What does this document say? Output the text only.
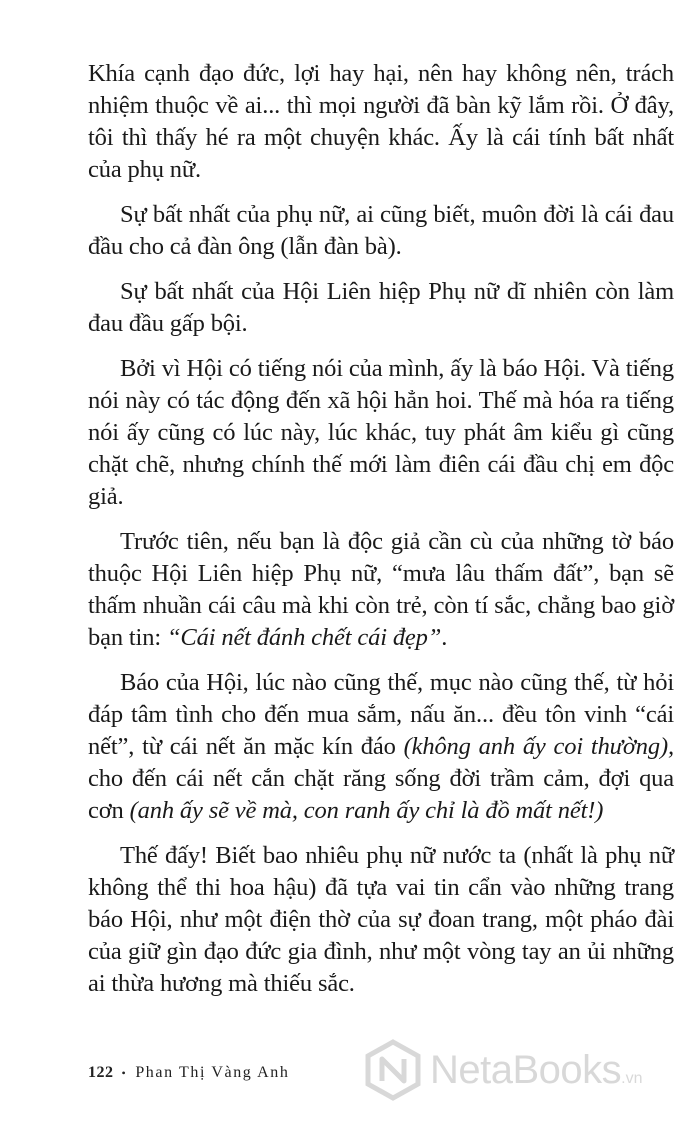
Khía cạnh đạo đức, lợi hay hại, nên hay không nên, trách nhiệm thuộc về ai... thì mọi người đã bàn kỹ lắm rồi. Ở đây, tôi thì thấy hé ra một chuyện khác. Ấy là cái tính bất nhất của phụ nữ.

Sự bất nhất của phụ nữ, ai cũng biết, muôn đời là cái đau đầu cho cả đàn ông (lẫn đàn bà).

Sự bất nhất của Hội Liên hiệp Phụ nữ dĩ nhiên còn làm đau đầu gấp bội.

Bởi vì Hội có tiếng nói của mình, ấy là báo Hội. Và tiếng nói này có tác động đến xã hội hẳn hoi. Thế mà hóa ra tiếng nói ấy cũng có lúc này, lúc khác, tuy phát âm kiểu gì cũng chặt chẽ, nhưng chính thế mới làm điên cái đầu chị em độc giả.

Trước tiên, nếu bạn là độc giả cần cù của những tờ báo thuộc Hội Liên hiệp Phụ nữ, “mưa lâu thấm đất”, bạn sẽ thấm nhuần cái câu mà khi còn trẻ, còn tí sắc, chẳng bao giờ bạn tin: “Cái nết đánh chết cái đẹp”.

Báo của Hội, lúc nào cũng thế, mục nào cũng thế, từ hỏi đáp tâm tình cho đến mua sắm, nấu ăn... đều tôn vinh “cái nết”, từ cái nết ăn mặc kín đáo (không anh ấy coi thường), cho đến cái nết cắn chặt răng sống đời trầm cảm, đợi qua cơn (anh ấy sẽ về mà, con ranh ấy chỉ là đồ mất nết!)

Thế đấy! Biết bao nhiêu phụ nữ nước ta (nhất là phụ nữ không thể thi hoa hậu) đã tựa vai tin cẩn vào những trang báo Hội, như một điện thờ của sự đoan trang, một pháo đài của giữ gìn đạo đức gia đình, như một vòng tay an ủi những ai thừa hương mà thiếu sắc.

122 • Phan Thị Vàng Anh	NetaBooks.vn
